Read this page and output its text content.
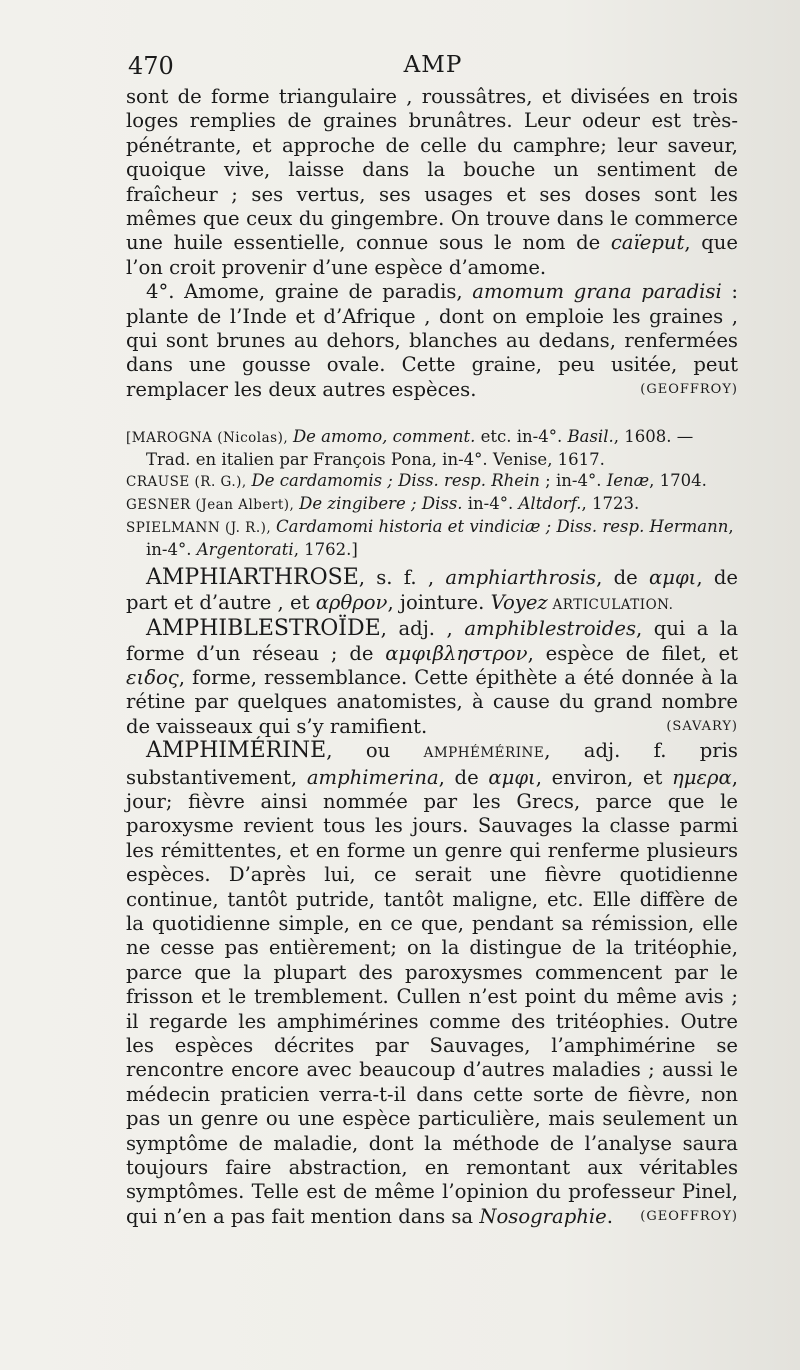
470	AMP

sont de forme triangulaire , roussâtres, et divisées en trois loges remplies de graines brunâtres. Leur odeur est très-pénétrante, et approche de celle du camphre; leur saveur, quoique vive, laisse dans la bouche un sentiment de fraîcheur ; ses vertus, ses usages et ses doses sont les mêmes que ceux du gingembre. On trouve dans le commerce une huile essentielle, connue sous le nom de caïeput, que l’on croit provenir d’une espèce d’amome.

4°. Amome, graine de paradis, amomum grana paradisi : plante de l’Inde et d’Afrique , dont on emploie les graines , qui sont brunes au dehors, blanches au dedans, renfermées dans une gousse ovale. Cette graine, peu usitée, peut remplacer les deux autres espèces.	(GEOFFROY)

[MAROGNA (Nicolas), De amomo, comment. etc. in-4°. Basil., 1608. —

Trad. en italien par François Pona, in-4°. Venise, 1617.

CRAUSE (R. G.), De cardamomis ; Diss. resp. Rhein ; in-4°. Ienæ, 1704.

GESNER (Jean Albert), De zingibere ; Diss. in-4°. Altdorf., 1723.

SPIELMANN (J. R.), Cardamomi historia et vindiciæ ; Diss. resp. Hermann,

in-4°. Argentorati, 1762.]

AMPHIARTHROSE, s. f. , amphiarthrosis, de αμφι, de part et d’autre , et αρθρον, jointure. Voyez ARTICULATION.

AMPHIBLESTROÏDE, adj. , amphiblestroides, qui a la forme d’un réseau ; de αμφιβληστρον, espèce de filet, et ειδος, forme, ressemblance. Cette épithète a été donnée à la rétine par quelques anatomistes, à cause du grand nombre de vaisseaux qui s’y ramifient.	(SAVARY)

AMPHIMÉRINE, ou AMPHÉMÉRINE, adj. f. pris substantivement, amphimerina, de αμφι, environ, et ημερα, jour; fièvre ainsi nommée par les Grecs, parce que le paroxysme revient tous les jours. Sauvages la classe parmi les rémittentes, et en forme un genre qui renferme plusieurs espèces. D’après lui, ce serait une fièvre quotidienne continue, tantôt putride, tantôt maligne, etc. Elle diffère de la quotidienne simple, en ce que, pendant sa rémission, elle ne cesse pas entièrement; on la distingue de la tritéophie, parce que la plupart des paroxysmes commencent par le frisson et le tremblement. Cullen n’est point du même avis ; il regarde les amphimérines comme des tritéophies. Outre les espèces décrites par Sauvages, l’amphimérine se rencontre encore avec beaucoup d’autres maladies ; aussi le médecin praticien verra-t-il dans cette sorte de fièvre, non pas un genre ou une espèce particulière, mais seulement un symptôme de maladie, dont la méthode de l’analyse saura toujours faire abstraction, en remontant aux véritables symptômes. Telle est de même l’opinion du professeur Pinel, qui n’en a pas fait mention dans sa Nosographie.	(GEOFFROY)
